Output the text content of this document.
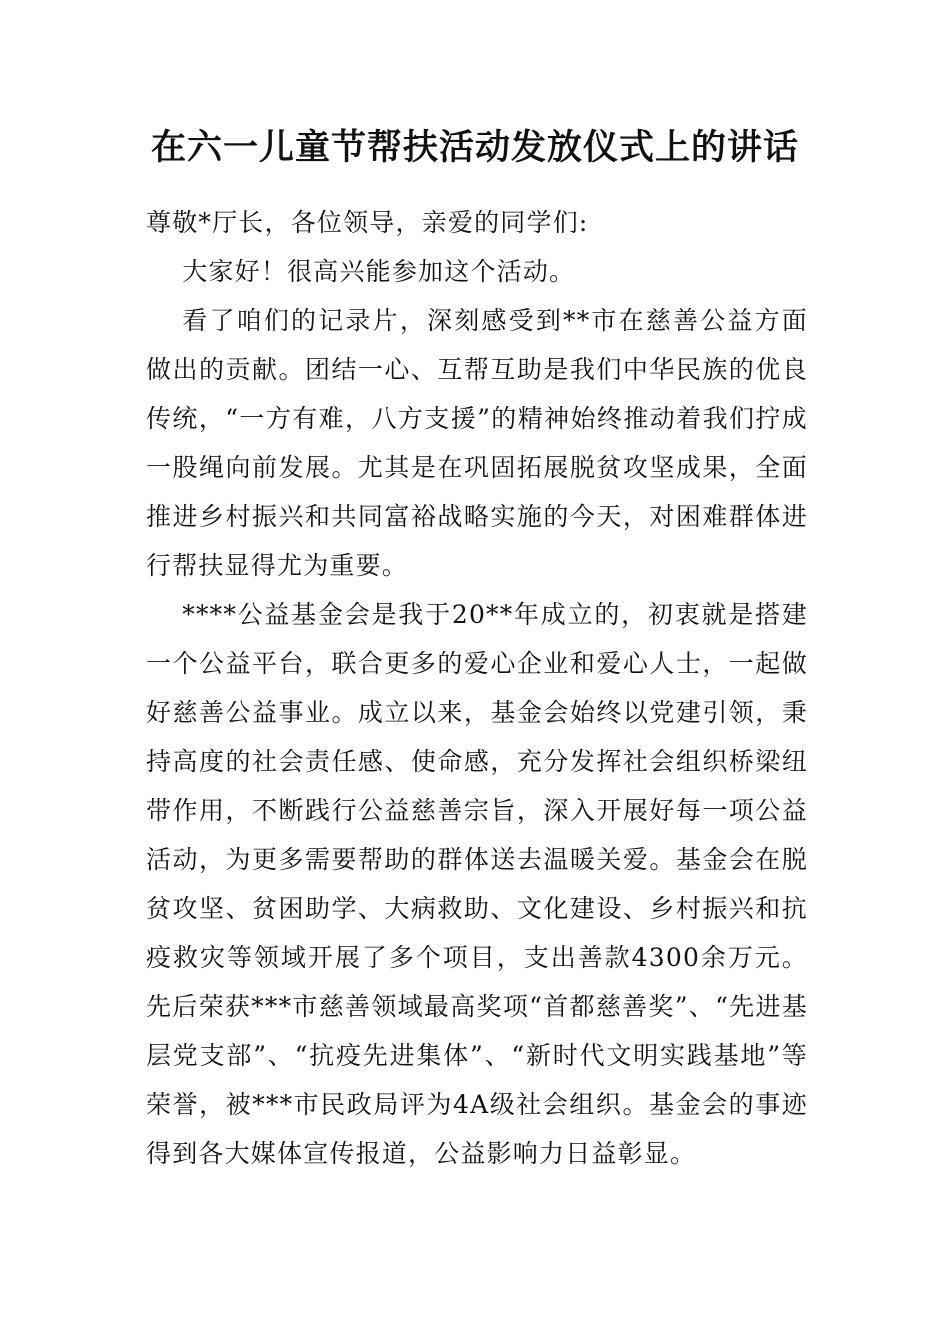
在六一儿童节帮扶活动发放仪式上的讲话

尊敬*厅长，各位领导，亲爱的同学们:

大家好！很高兴能参加这个活动。

看了咱们的记录片，深刻感受到**市在慈善公益方面做出的贡献。团结一心、互帮互助是我们中华民族的优良传统，“一方有难，八方支援”的精神始终推动着我们拧成一股绳向前发展。尤其是在巩固拓展脱贫攻坚成果，全面推进乡村振兴和共同富裕战略实施的今天，对困难群体进行帮扶显得尤为重要。

****公益基金会是我于20**年成立的，初衷就是搭建一个公益平台，联合更多的爱心企业和爱心人士，一起做好慈善公益事业。成立以来，基金会始终以党建引领，秉持高度的社会责任感、使命感，充分发挥社会组织桥梁纽带作用，不断践行公益慈善宗旨，深入开展好每一项公益活动，为更多需要帮助的群体送去温暖关爱。基金会在脱贫攻坚、贫困助学、大病救助、文化建设、乡村振兴和抗疫救灾等领域开展了多个项目，支出善款4300余万元。先后荣获***市慈善领域最高奖项“首都慈善奖”、“先进基层党支部”、“抗疫先进集体”、“新时代文明实践基地”等荣誉，被***市民政局评为4A级社会组织。基金会的事迹得到各大媒体宣传报道，公益影响力日益彰显。
